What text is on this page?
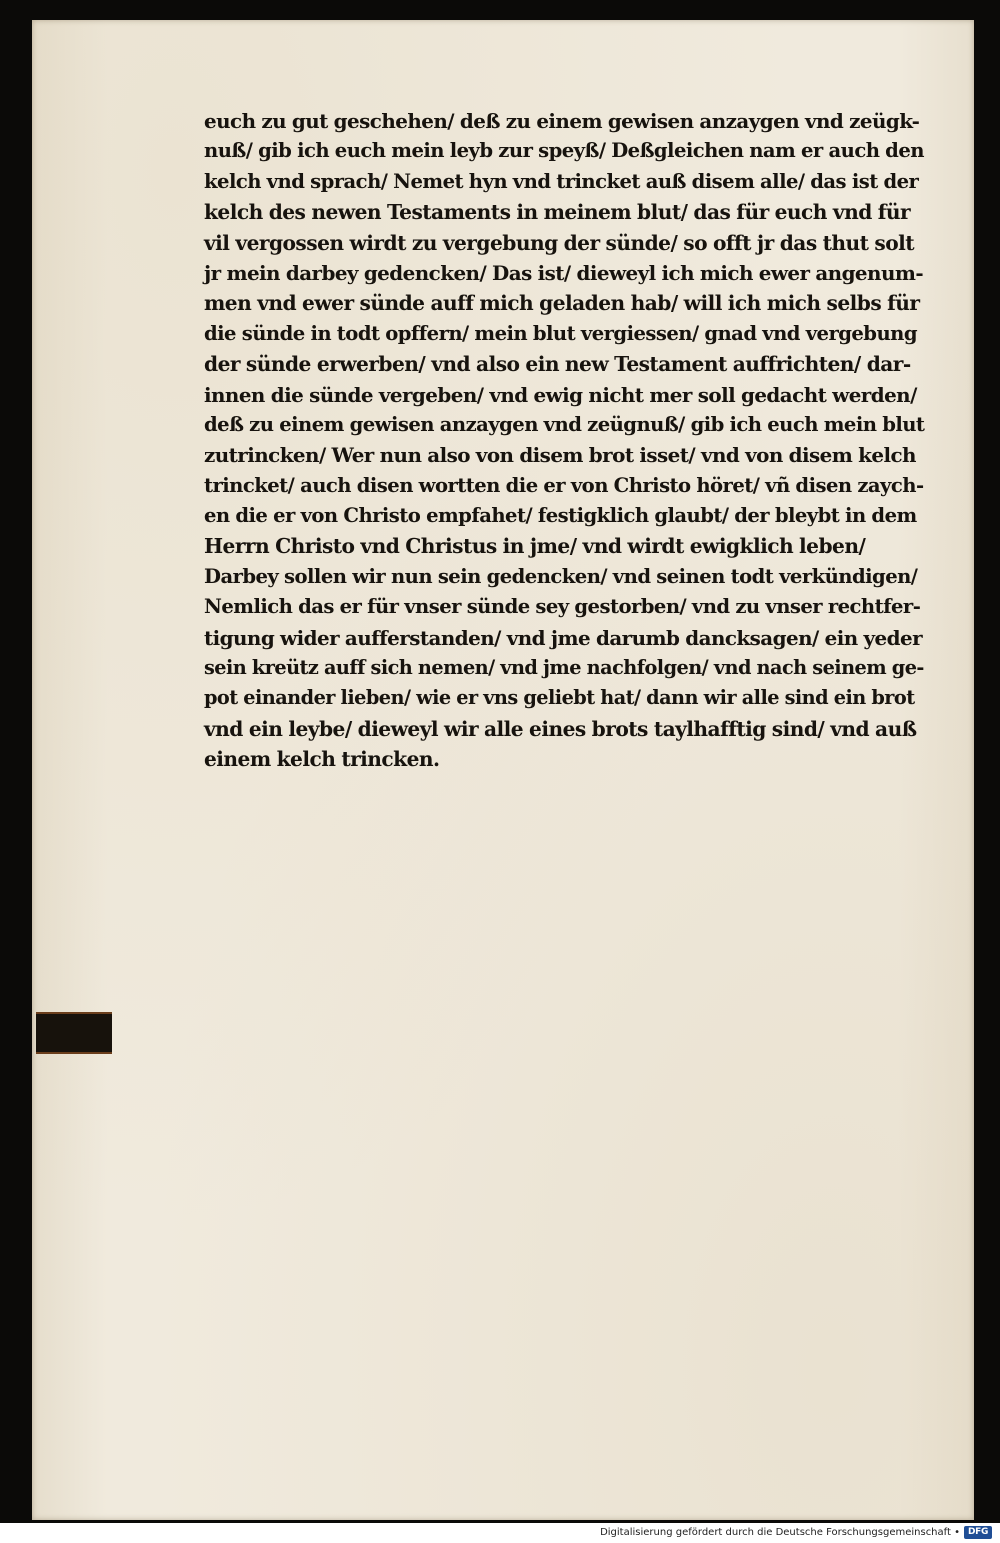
euch zu gut geschehen/ deß zu einem gewisen anzaygen vnd zeügk-
nuß/ gib ich euch mein leyb zur speyß/ Deßgleichen nam er auch den
kelch vnd sprach/ Nemet hyn vnd trincket auß disem alle/ das ist der
kelch des newen Testaments in meinem blut/ das für euch vnd für
vil vergossen wirdt zu vergebung der sünde/ so offt jr das thut solt
jr mein darbey gedencken/ Das ist/ dieweyl ich mich ewer angenum-
men vnd ewer sünde auff mich geladen hab/ will ich mich selbs für
die sünde in todt opffern/ mein blut vergiessen/ gnad vnd vergebung
der sünde erwerben/ vnd also ein new Testament auffrichten/ dar-
innen die sünde vergeben/ vnd ewig nicht mer soll gedacht werden/
deß zu einem gewisen anzaygen vnd zeügnuß/ gib ich euch mein blut
zutrincken/ Wer nun also von disem brot isset/ vnd von disem kelch
trincket/ auch disen wortten die er von Christo höret/ vñ disen zaych-
en die er von Christo empfahet/ festigklich glaubt/ der bleybt in dem
Herrn Christo vnd Christus in jme/ vnd wirdt ewigklich leben/
Darbey sollen wir nun sein gedencken/ vnd seinen todt verkündigen/
Nemlich das er für vnser sünde sey gestorben/ vnd zu vnser rechtfer-
tigung wider aufferstanden/ vnd jme darumb dancksagen/ ein yeder
sein kreütz auff sich nemen/ vnd jme nachfolgen/ vnd nach seinem ge-
pot einander lieben/ wie er vns geliebt hat/ dann wir alle sind ein brot
vnd ein leybe/ dieweyl wir alle eines brots taylhafftig sind/ vnd auß
einem kelch trincken.
Digitalisierung gefördert durch die Deutsche Forschungsgemeinschaft • DFG
